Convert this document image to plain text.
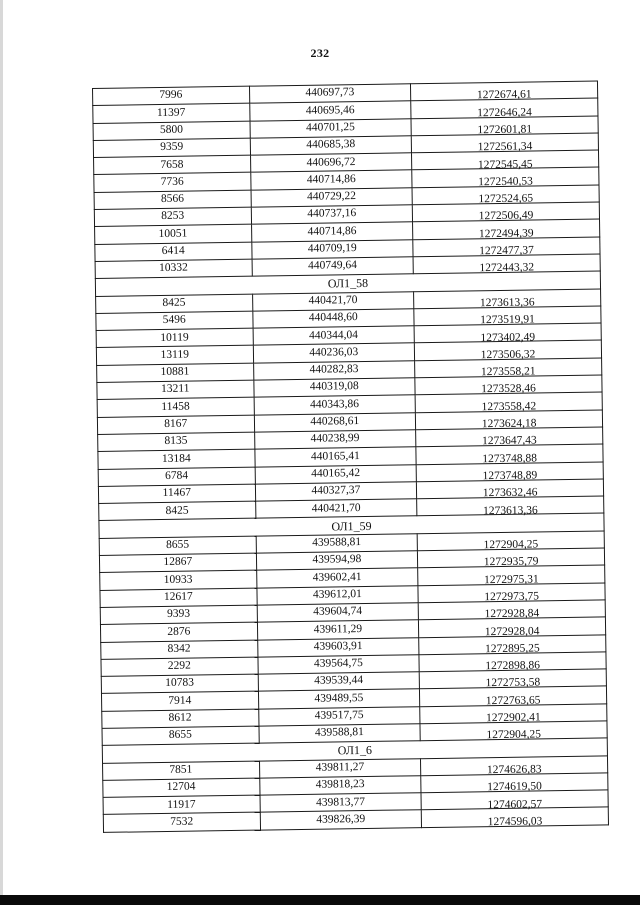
232
7996	440697,73	1272674,61
11397	440695,46	1272646,24
5800	440701,25	1272601,81
9359	440685,38	1272561,34
7658	440696,72	1272545,45
7736	440714,86	1272540,53
8566	440729,22	1272524,65
8253	440737,16	1272506,49
10051	440714,86	1272494,39
6414	440709,19	1272477,37
10332	440749,64	1272443,32
ОЛ1_58		
8425	440421,70	1273613,36
5496	440448,60	1273519,91
10119	440344,04	1273402,49
13119	440236,03	1273506,32
10881	440282,83	1273558,21
13211	440319,08	1273528,46
11458	440343,86	1273558,42
8167	440268,61	1273624,18
8135	440238,99	1273647,43
13184	440165,41	1273748,88
6784	440165,42	1273748,89
11467	440327,37	1273632,46
8425	440421,70	1273613,36
ОЛ1_59		
8655	439588,81	1272904,25
12867	439594,98	1272935,79
10933	439602,41	1272975,31
12617	439612,01	1272973,75
9393	439604,74	1272928,84
2876	439611,29	1272928,04
8342	439603,91	1272895,25
2292	439564,75	1272898,86
10783	439539,44	1272753,58
7914	439489,55	1272763,65
8612	439517,75	1272902,41
8655	439588,81	1272904,25
ОЛ1_6		
7851	439811,27	1274626,83
12704	439818,23	1274619,50
11917	439813,77	1274602,57
7532	439826,39	1274596,03
